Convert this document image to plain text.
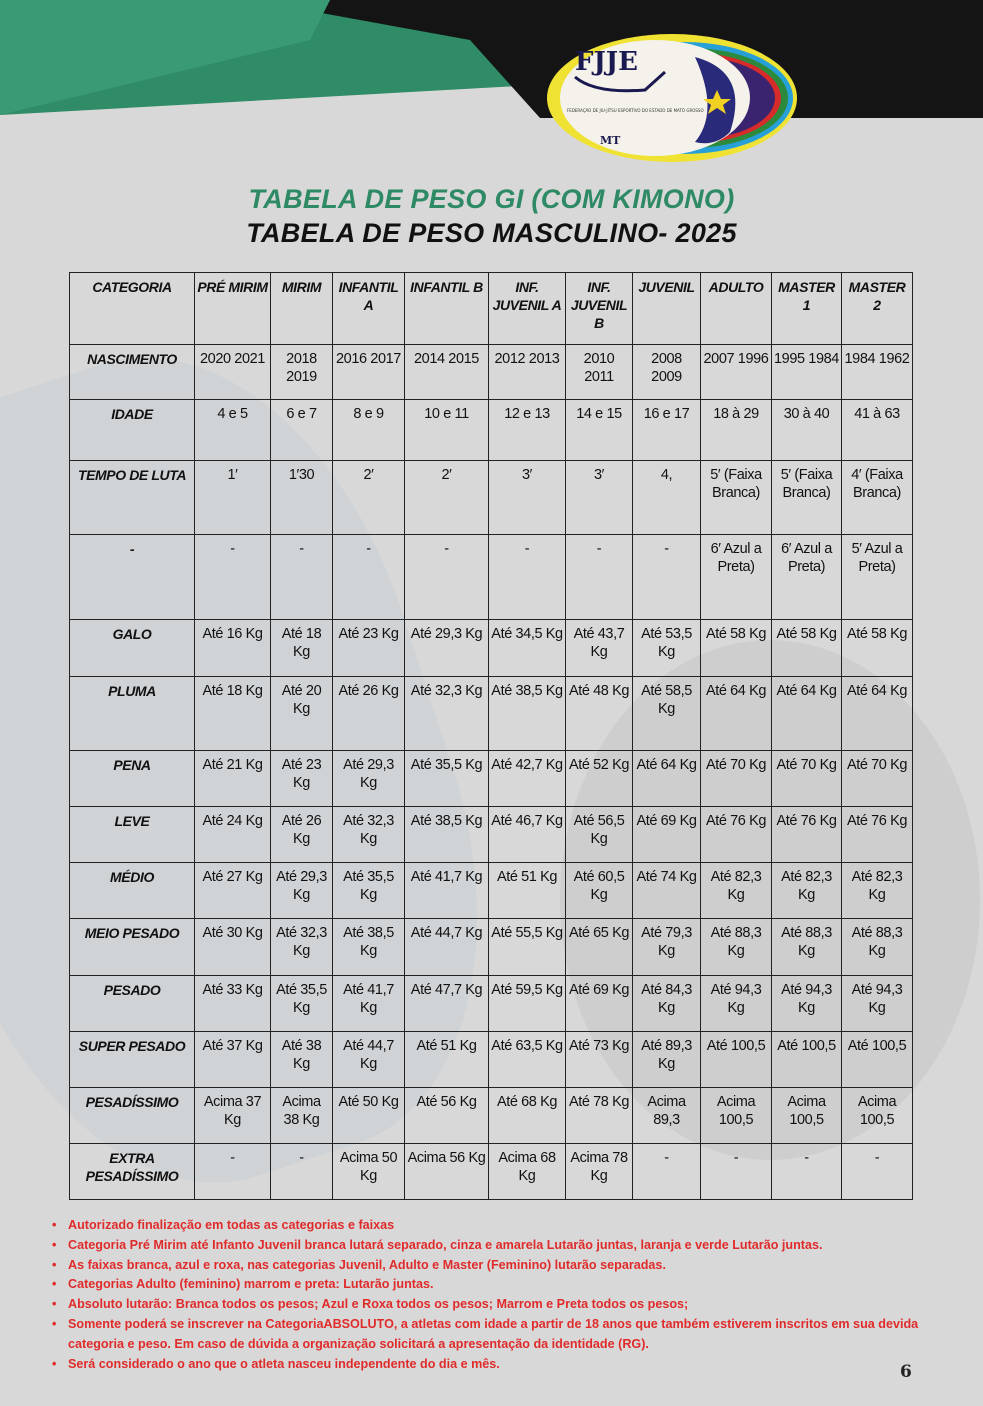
FJJE
FEDERAÇÃO DE JIU-JITSU ESPORTIVO DO ESTADO DE MATO GROSSO
MT
TABELA DE PESO GI (COM KIMONO)
TABELA DE PESO MASCULINO- 2025
CATEGORIA	PRÉ MIRIM	MIRIM	INFANTIL A	INFANTIL B	INF. JUVENIL A	INF. JUVENIL B	JUVENIL	ADULTO	MASTER 1	MASTER 2
NASCIMENTO	2020 2021	2018 2019	2016 2017	2014 2015	2012 2013	2010 2011	2008 2009	2007 1996	1995 1984	1984 1962
IDADE	4 e 5	6 e 7	8 e 9	10 e 11	12 e 13	14 e 15	16 e 17	18 à 29	30 à 40	41 à 63
TEMPO DE LUTA	1′	1′30	2′	2′	3′	3′	4,	5′ (Faixa Branca)	5′ (Faixa Branca)	4′ (Faixa Branca)
-	-	-	-	-	-	-	-	6′ Azul a Preta)	6′ Azul a Preta)	5′ Azul a Preta)
GALO	Até 16 Kg	Até 18 Kg	Até 23 Kg	Até 29,3 Kg	Até 34,5 Kg	Até 43,7 Kg	Até 53,5 Kg	Até 58 Kg	Até 58 Kg	Até 58 Kg
PLUMA	Até 18 Kg	Até 20 Kg	Até 26 Kg	Até 32,3 Kg	Até 38,5 Kg	Até 48 Kg	Até 58,5 Kg	Até 64 Kg	Até 64 Kg	Até 64 Kg
PENA	Até 21 Kg	Até 23 Kg	Até 29,3 Kg	Até 35,5 Kg	Até 42,7 Kg	Até 52 Kg	Até 64 Kg	Até 70 Kg	Até 70 Kg	Até 70 Kg
LEVE	Até 24 Kg	Até 26 Kg	Até 32,3 Kg	Até 38,5 Kg	Até 46,7 Kg	Até 56,5 Kg	Até 69 Kg	Até 76 Kg	Até 76 Kg	Até 76 Kg
MÉDIO	Até 27 Kg	Até 29,3 Kg	Até 35,5 Kg	Até 41,7 Kg	Até 51 Kg	Até 60,5 Kg	Até 74 Kg	Até 82,3 Kg	Até 82,3 Kg	Até 82,3 Kg
MEIO PESADO	Até 30 Kg	Até 32,3 Kg	Até 38,5 Kg	Até 44,7 Kg	Até 55,5 Kg	Até 65 Kg	Até 79,3 Kg	Até 88,3 Kg	Até 88,3 Kg	Até 88,3 Kg
PESADO	Até 33 Kg	Até 35,5 Kg	Até 41,7 Kg	Até 47,7 Kg	Até 59,5 Kg	Até 69 Kg	Até 84,3 Kg	Até 94,3 Kg	Até 94,3 Kg	Até 94,3 Kg
SUPER PESADO	Até 37 Kg	Até 38 Kg	Até 44,7 Kg	Até 51 Kg	Até 63,5 Kg	Até 73 Kg	Até 89,3 Kg	Até 100,5	Até 100,5	Até 100,5
PESADÍSSIMO	Acima 37 Kg	Acima 38 Kg	Até 50 Kg	Até 56 Kg	Até 68 Kg	Até 78 Kg	Acima 89,3	Acima 100,5	Acima 100,5	Acima 100,5
EXTRA PESADÍSSIMO	-	-	Acima 50 Kg	Acima 56 Kg	Acima 68 Kg	Acima 78 Kg	-	-	-	-
• Autorizado finalização em todas as categorias e faixas
• Categoria Pré Mirim até Infanto Juvenil branca lutará separado, cinza e amarela Lutarão juntas, laranja e verde Lutarão juntas.
• As faixas branca, azul e roxa, nas categorias Juvenil, Adulto e Master (Feminino) lutarão separadas.
• Categorias Adulto (feminino) marrom e preta: Lutarão juntas.
• Absoluto lutarão: Branca todos os pesos; Azul e Roxa todos os pesos; Marrom e Preta todos os pesos;
• Somente poderá se inscrever na CategoriaABSOLUTO, a atletas com idade a partir de 18 anos que também estiverem inscritos em sua devida categoria e peso. Em caso de dúvida a organização solicitará a apresentação da identidade (RG).
• Será considerado o ano que o atleta nasceu independente do dia e mês.	6
